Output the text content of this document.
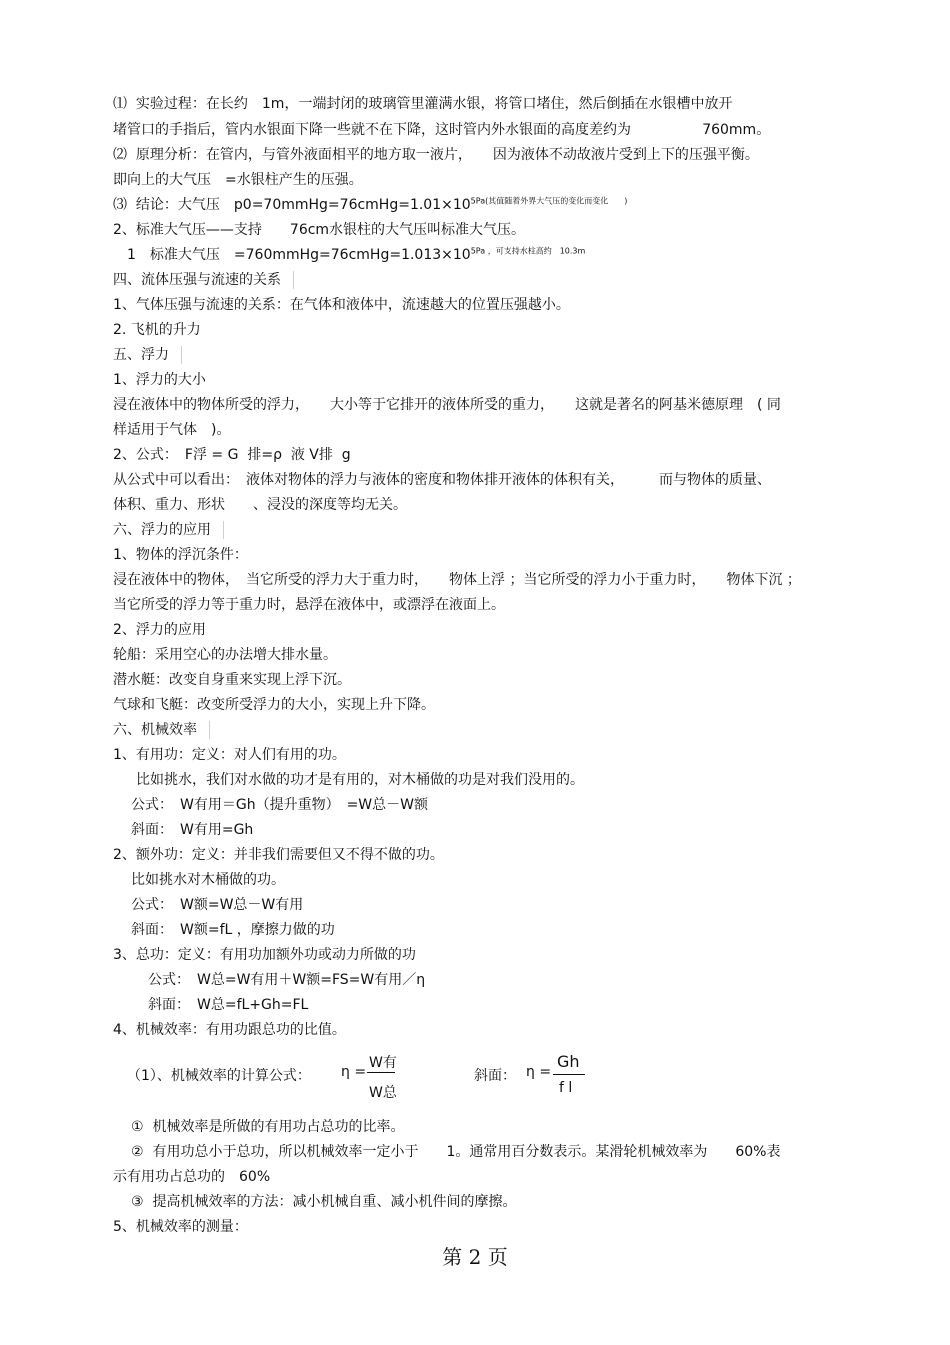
⑴  实验过程：在长约　1m，一端封闭的玻璃管里灌满水银，将管口堵住，然后倒插在水银槽中放开
堵管口的手指后，管内水银面下降一些就不在下降，这时管内外水银面的高度差约为                760mm。
⑵  原理分析：在管内，与管外液面相平的地方取一液片，　　因为液体不动故液片受到上下的压强平衡。
即向上的大气压　=水银柱产生的压强。
⑶  结论：大气压　$p0=70mmHg=76cmHg=1.01\times 10^{5Pa(其值随着外界大气压的变化而变化 )}$
2、标准大气压——支持　　76cm水银柱的大气压叫标准大气压。
1　标准大气压　$=760mmHg=76cmHg=1.013\times 10^{5Pa ,可支持水柱高约 10.3m}$
四、流体压强与流速的关系
1、气体压强与流速的关系：在气体和液体中，流速越大的位置压强越小。
2. 飞机的升力
五、浮力
1、浮力的大小
浸在液体中的物体所受的浮力，　　大小等于它排开的液体所受的重力，　　这就是著名的阿基米德原理　( 同
样适用于气体　)。
2、公式：　F浮 = G  排=ρ  液 V排  g
从公式中可以看出：　液体对物体的浮力与液体的密度和物体排开液体的体积有关，　　　而与物体的质量、
体积、重力、形状　　、浸没的深度等均无关。
六、浮力的应用
1、物体的浮沉条件：
浸在液体中的物体，　当它所受的浮力大于重力时，　　物体上浮 ；当它所受的浮力小于重力时，　　物体下沉 ；
当它所受的浮力等于重力时，悬浮在液体中，或漂浮在液面上。
2、浮力的应用
轮船：采用空心的办法增大排水量。
潜水艇：改变自身重来实现上浮下沉。
气球和飞艇：改变所受浮力的大小，实现上升下降。
六、机械效率
1、有用功：定义：对人们有用的功。
比如挑水，我们对水做的功才是有用的，对木桶做的功是对我们没用的。
公式：　W有用＝Gh（提升重物）　=W总－W额
斜面：　W有用=Gh
2、额外功：定义：并非我们需要但又不得不做的功。
比如挑水对木桶做的功。
公式：　W额=W总－W有用
斜面：　W额=fL ，摩擦力做的功
3、总功：定义：有用功加额外功或动力所做的功
公式：　W总=W有用＋W额=FS=W有用／η
斜面：　W总=fL+Gh=FL
4、机械效率：有用功跟总功的比值。
（1）、机械效率的计算公式： η =
W有
W总
斜面： η =
Gh
f l
①  机械效率是所做的有用功占总功的比率。
②  有用功总小于总功，所以机械效率一定小于　　1。通常用百分数表示。某滑轮机械效率为　　60%表
示有用功占总功的　60%
③  提高机械效率的方法：减小机械自重、减小机件间的摩擦。
5、机械效率的测量：
第 2 页
